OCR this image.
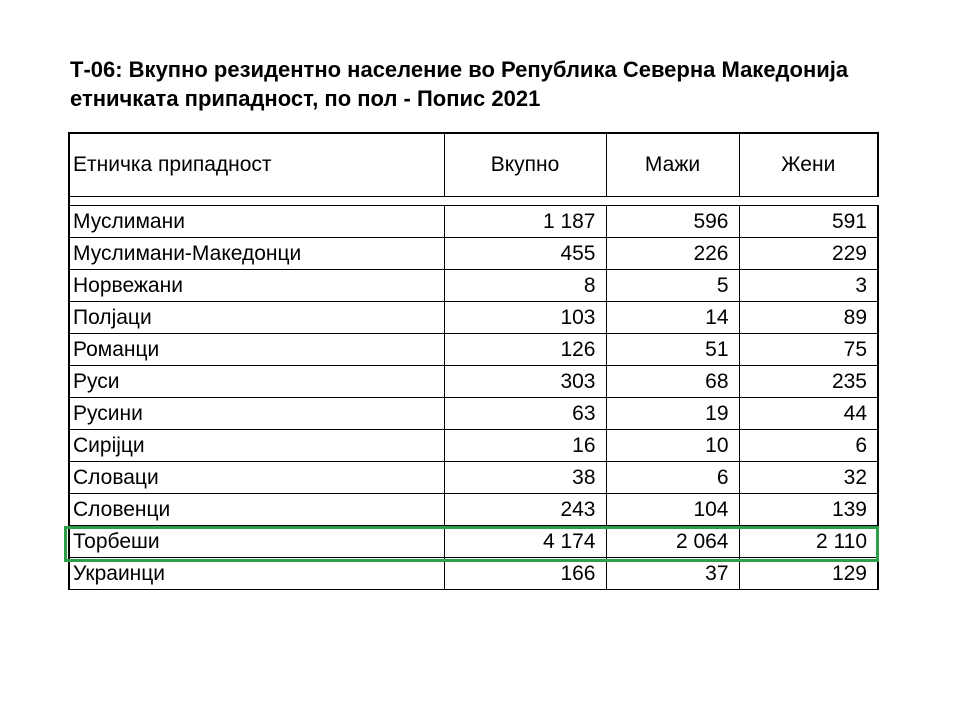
Т-06: Вкупно резидентно население во Република Северна Македонија
етничката припадност, по пол - Попис 2021
Етничка припадност	Вкупно	Мажи	Жени

Муслимани	1 187	596	591
Муслимани-Македонци	455	226	229
Норвежани	8	5	3
Полјаци	103	14	89
Романци	126	51	75
Руси	303	68	235
Русини	63	19	44
Сирijци	16	10	6
Словаци	38	6	32
Словенци	243	104	139
Торбеши	4 174	2 064	2 110
Украинци	166	37	129
